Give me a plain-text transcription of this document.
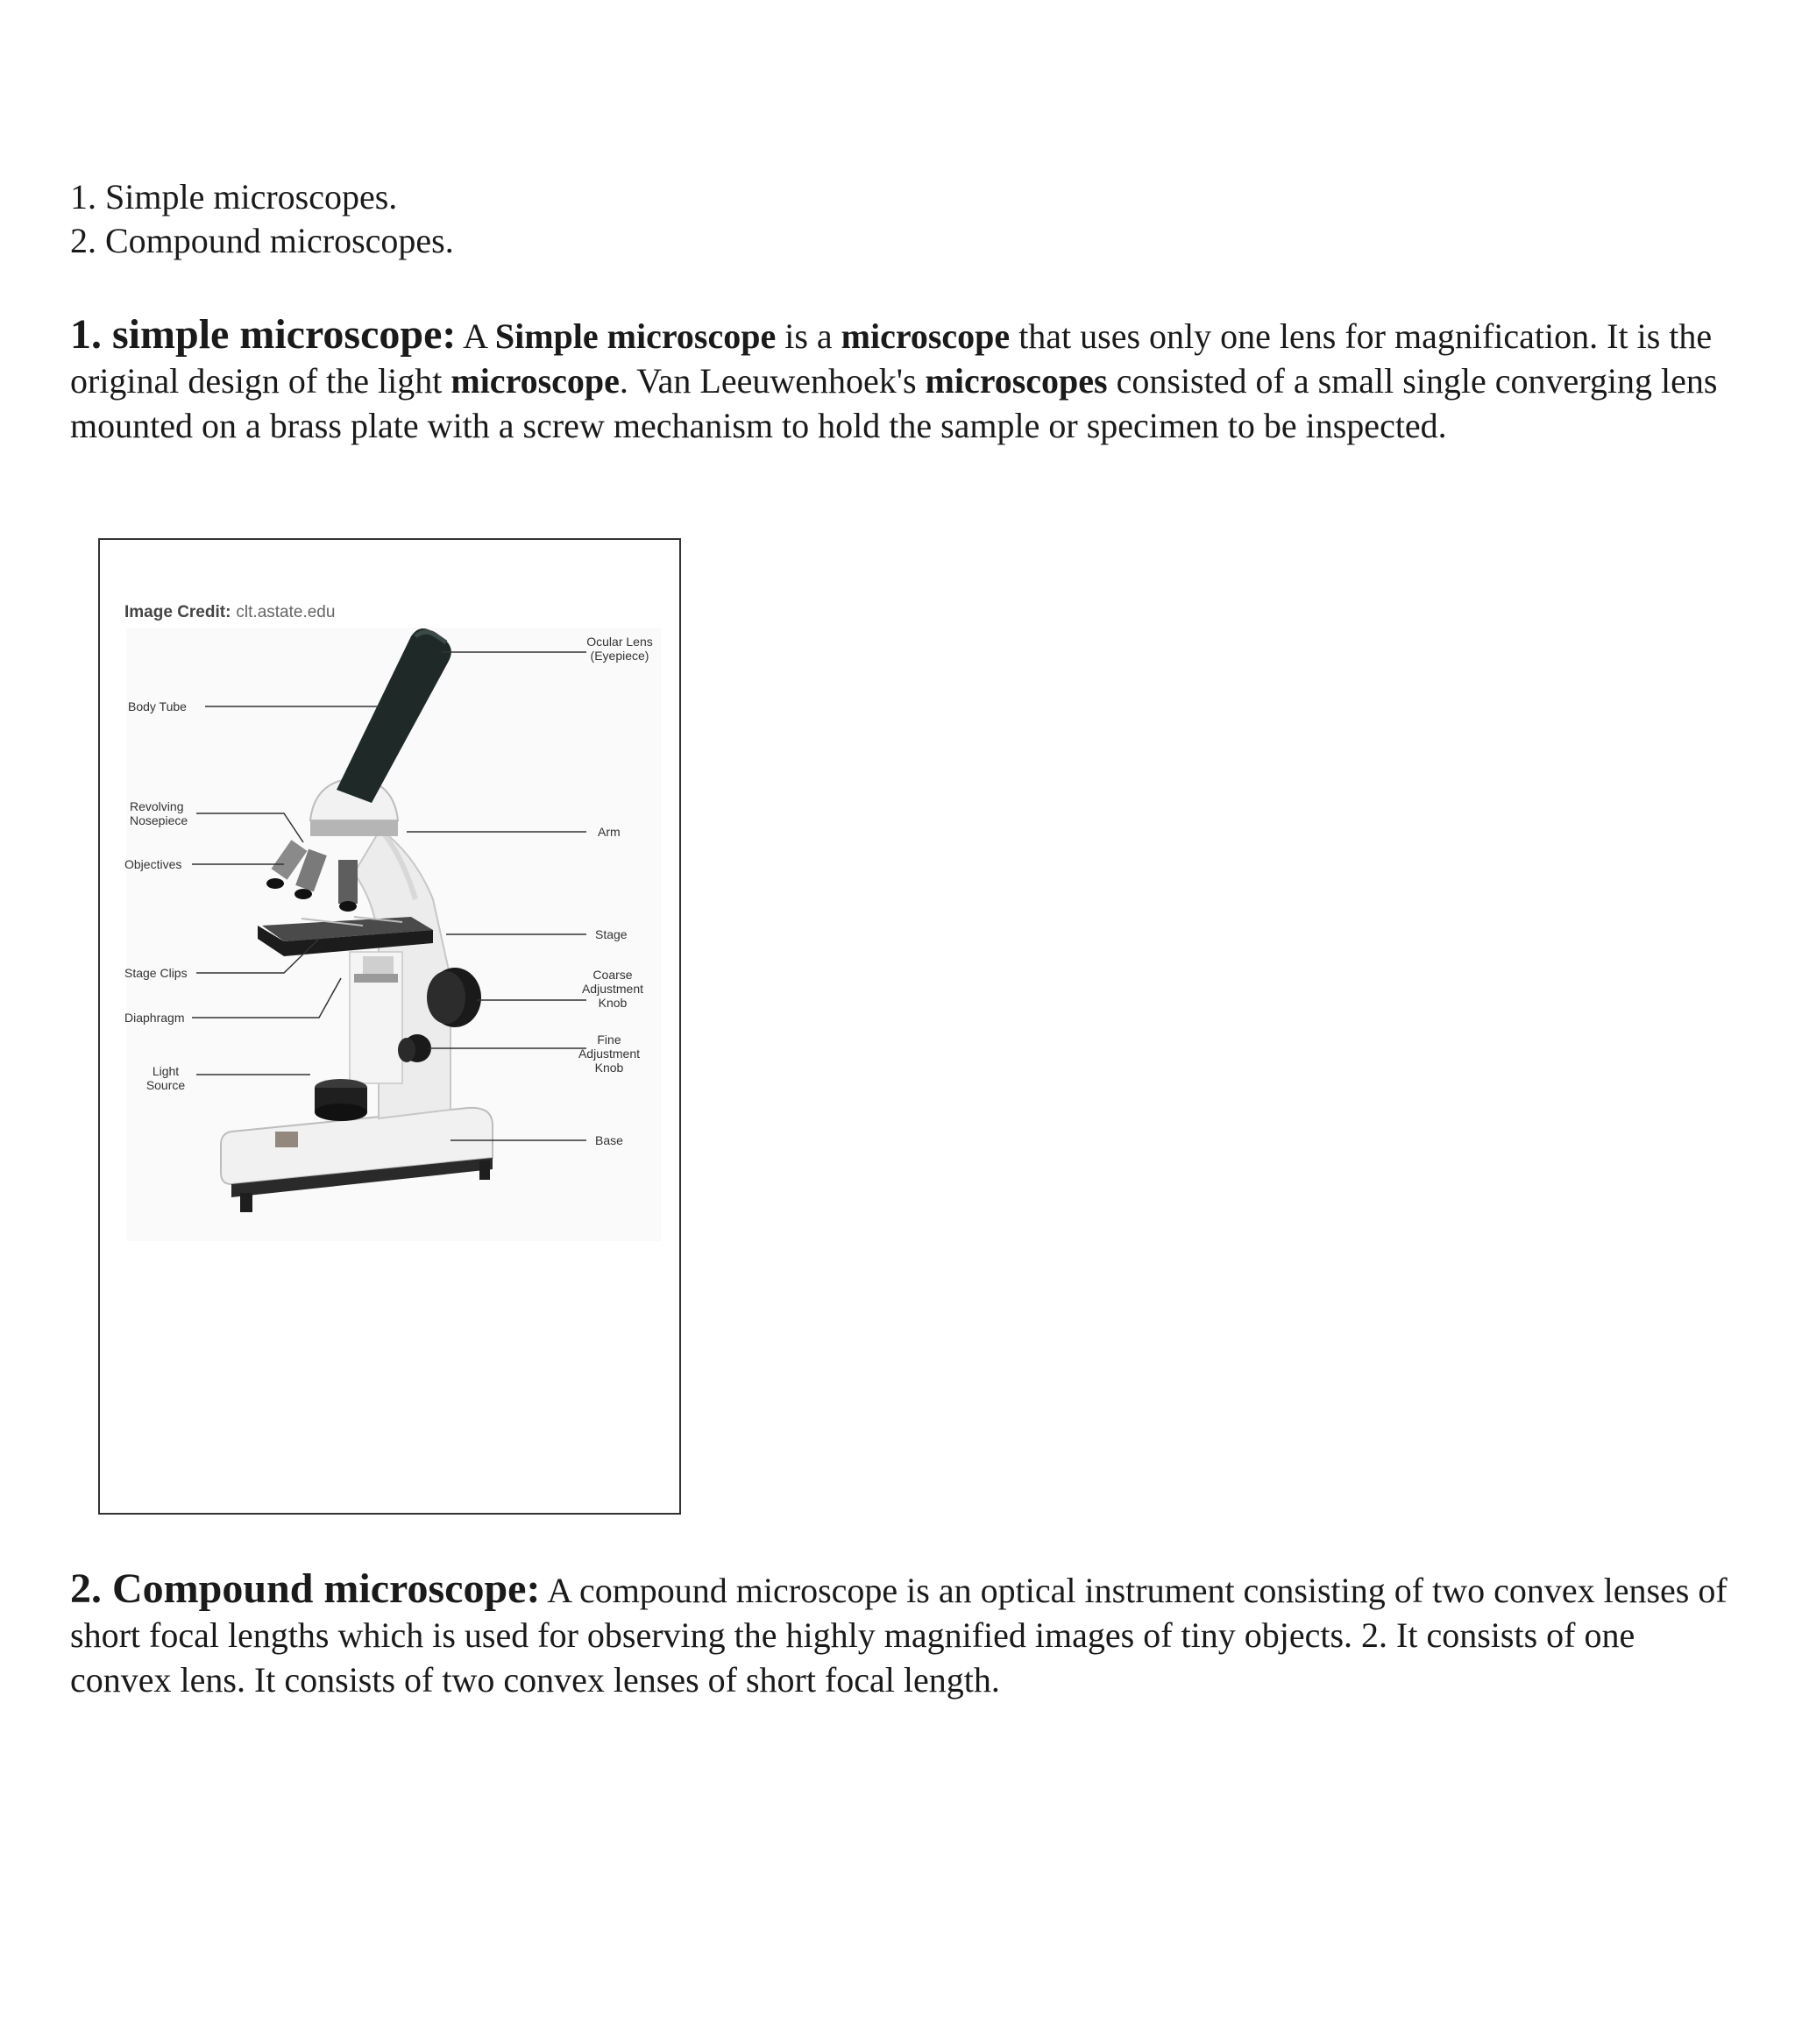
1. Simple microscopes.
2. Compound microscopes.
1. simple microscope: A Simple microscope is a microscope that uses only one lens for magnification. It is the original design of the light microscope. Van Leeuwenhoek's microscopes consisted of a small single converging lens mounted on a brass plate with a screw mechanism to hold the sample or specimen to be inspected.
Image Credit: clt.astate.edu
Ocular Lens
(Eyepiece)
Body Tube
Revolving
Nosepiece
Arm
Objectives
Stage
Stage Clips	Coarse
Adjustment
Knob
Diaphragm
Fine
Adjustment
Knob
Light
Source
Base
2. Compound microscope: A compound microscope is an optical instrument consisting of two convex lenses of short focal lengths which is used for observing the highly magnified images of tiny objects. 2. It consists of one convex lens. It consists of two convex lenses of short focal length.
